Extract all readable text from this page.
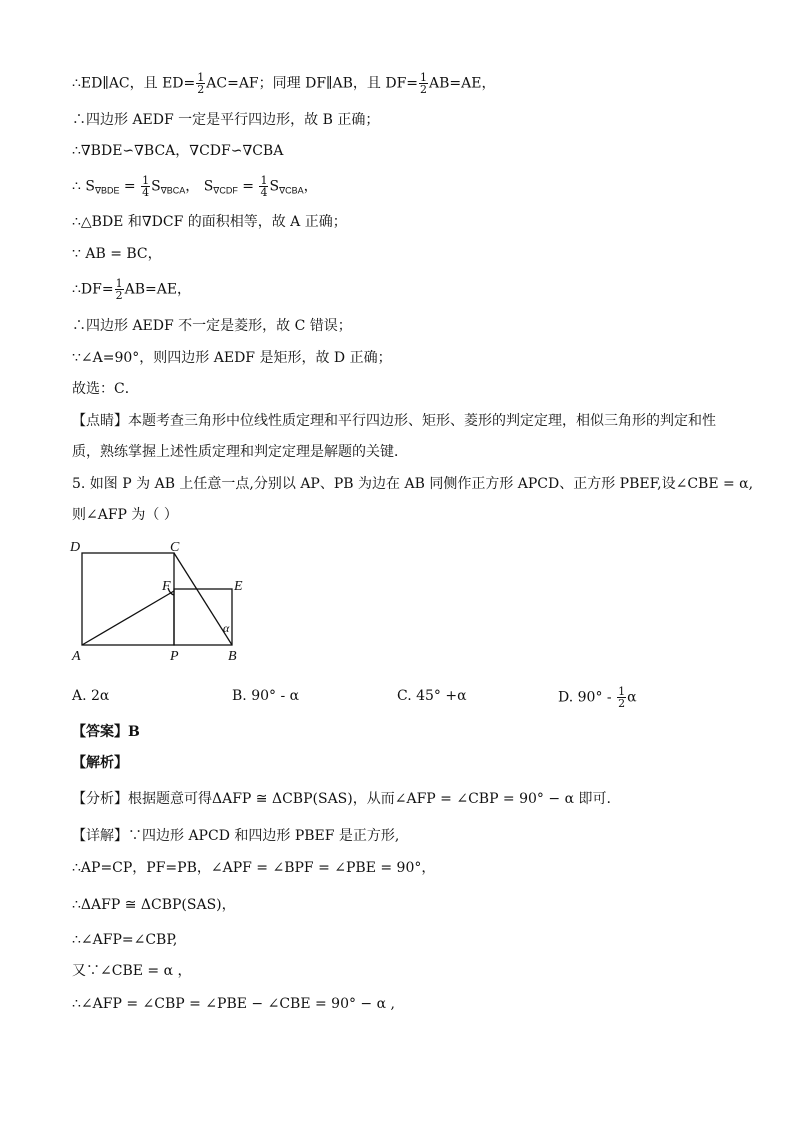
∴ED∥AC，且 $ED= \frac{1}{2} AC=AF$；同理 DF∥AB，且 $DF= \frac{1}{2} AB=AE$，
∴四边形 AEDF 一定是平行四边形，故 B 正确；
∴∇BDE∽∇BCA，∇CDF∽∇CBA
∴ $S_{\nabla BDE} = \frac{1}{4} S_{\nabla BCA}$， $S_{\nabla CDF} = \frac{1}{4} S_{\nabla CBA}$，
∴△BDE 和∇DCF 的面积相等，故 A 正确；
∵ AB = BC，
∴DF= $\frac{1}{2} AB=AE$，
∴四边形 AEDF 不一定是菱形，故 C 错误；
∵∠A=90°，则四边形 AEDF 是矩形，故 D 正确；
故选：C．
【点睛】本题考查三角形中位线性质定理和平行四边形、矩形、菱形的判定定理，相似三角形的判定和性
质，熟练掌握上述性质定理和判定定理是解题的关键．
5. 如图 P 为 AB 上任意一点,分别以 AP、PB 为边在 AB 同侧作正方形 APCD、正方形 PBEF,设∠CBE = α,
则∠AFP 为（ ）
D	C
F	E
A	P	B
α
A. 2α	B. 90° - α	C. 45° +α	D. $90^\circ - \frac{1}{2}$ α
【答案】B
【解析】
【分析】根据题意可得ΔAFP ≅ ΔCBP(SAS)，从而∠AFP = ∠CBP = 90° − α 即可.
【详解】∵四边形 APCD 和四边形 PBEF 是正方形,
∴AP=CP，PF=PB，∠APF = ∠BPF = ∠PBE = 90°，
∴ΔAFP ≅ ΔCBP(SAS)，
∴∠AFP=∠CBP,
又∵∠CBE = α ，
∴∠AFP = ∠CBP = ∠PBE − ∠CBE = 90° − α ,
